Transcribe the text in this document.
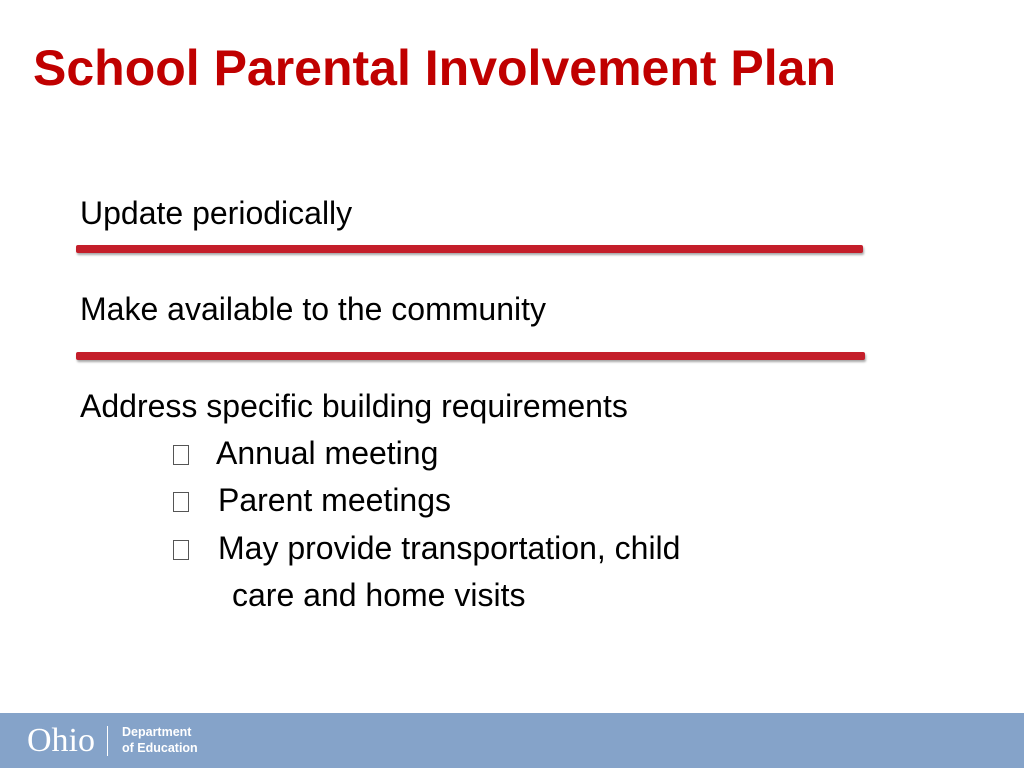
School Parental Involvement Plan
Update periodically
Make available to the community
Address specific building requirements
Annual meeting
Parent meetings
May provide transportation, child
care and home visits
Ohio Department
of Education
